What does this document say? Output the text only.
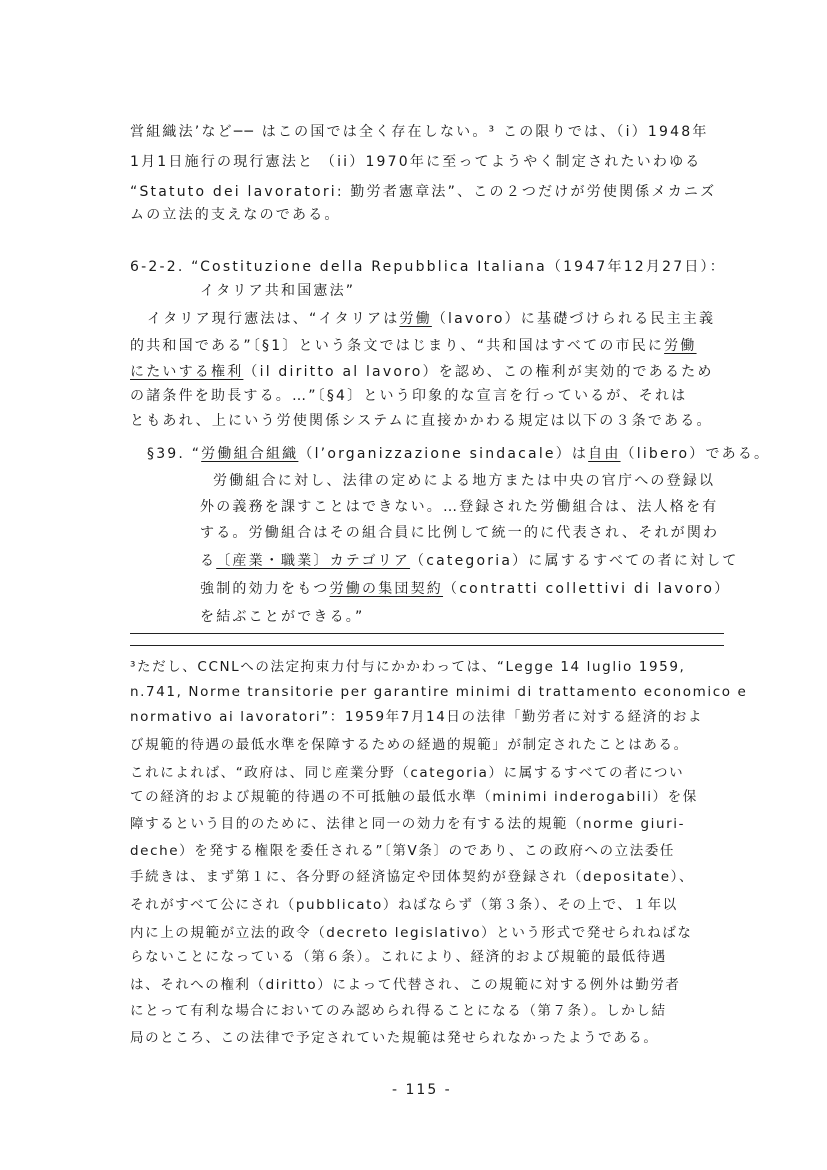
営組織法’など── はこの国では全く存在しない。³ この限りでは、（i）1948年
1月1日施行の現行憲法と （ii）1970年に至ってようやく制定されたいわゆる
“Statuto dei lavoratori: 勤労者憲章法”、この２つだけが労使関係メカニズ
ムの立法的支えなのである。
6-2-2. “Costituzione della Repubblica Italiana（1947年12月27日）：
イタリア共和国憲法”
イタリア現行憲法は、“イタリアは労働（lavoro）に基礎づけられる民主主義
的共和国である”〔§1〕という条文ではじまり、“共和国はすべての市民に労働
にたいする権利（il diritto al lavoro）を認め、この権利が実効的であるため
の諸条件を助長する。…”〔§4〕という印象的な宣言を行っているが、それは
ともあれ、上にいう労使関係システムに直接かかわる規定は以下の３条である。
§39. “労働組合組織（l’organizzazione sindacale）は自由（libero）である。
労働組合に対し、法律の定めによる地方または中央の官庁への登録以
外の義務を課すことはできない。…登録された労働組合は、法人格を有
する。労働組合はその組合員に比例して統一的に代表され、それが関わ
る〔産業・職業〕カテゴリア（categoria）に属するすべての者に対して
強制的効力をもつ労働の集団契約（contratti collettivi di lavoro）
を結ぶことができる。”
³ただし、CCNLへの法定拘束力付与にかかわっては、“Legge 14 luglio 1959,
n.741, Norme transitorie per garantire minimi di trattamento economico e
normativo ai lavoratori”：1959年7月14日の法律「勤労者に対する経済的およ
び規範的待遇の最低水準を保障するための経過的規範」が制定されたことはある。
これによれば、“政府は、同じ産業分野（categoria）に属するすべての者につい
ての経済的および規範的待遇の不可抵触の最低水準（minimi inderogabili）を保
障するという目的のために、法律と同一の効力を有する法的規範（norme giuri-
deche）を発する権限を委任される”〔第Ⅴ条〕のであり、この政府への立法委任
手続きは、まず第１に、各分野の経済協定や団体契約が登録され（depositate）、
それがすべて公にされ（pubblicato）ねばならず（第３条）、その上で、１年以
内に上の規範が立法的政令（decreto legislativo）という形式で発せられねばな
らないことになっている（第６条）。これにより、経済的および規範的最低待遇
は、それへの権利（diritto）によって代替され、この規範に対する例外は勤労者
にとって有利な場合においてのみ認められ得ることになる（第７条）。しかし結
局のところ、この法律で予定されていた規範は発せられなかったようである。
- 115 -
